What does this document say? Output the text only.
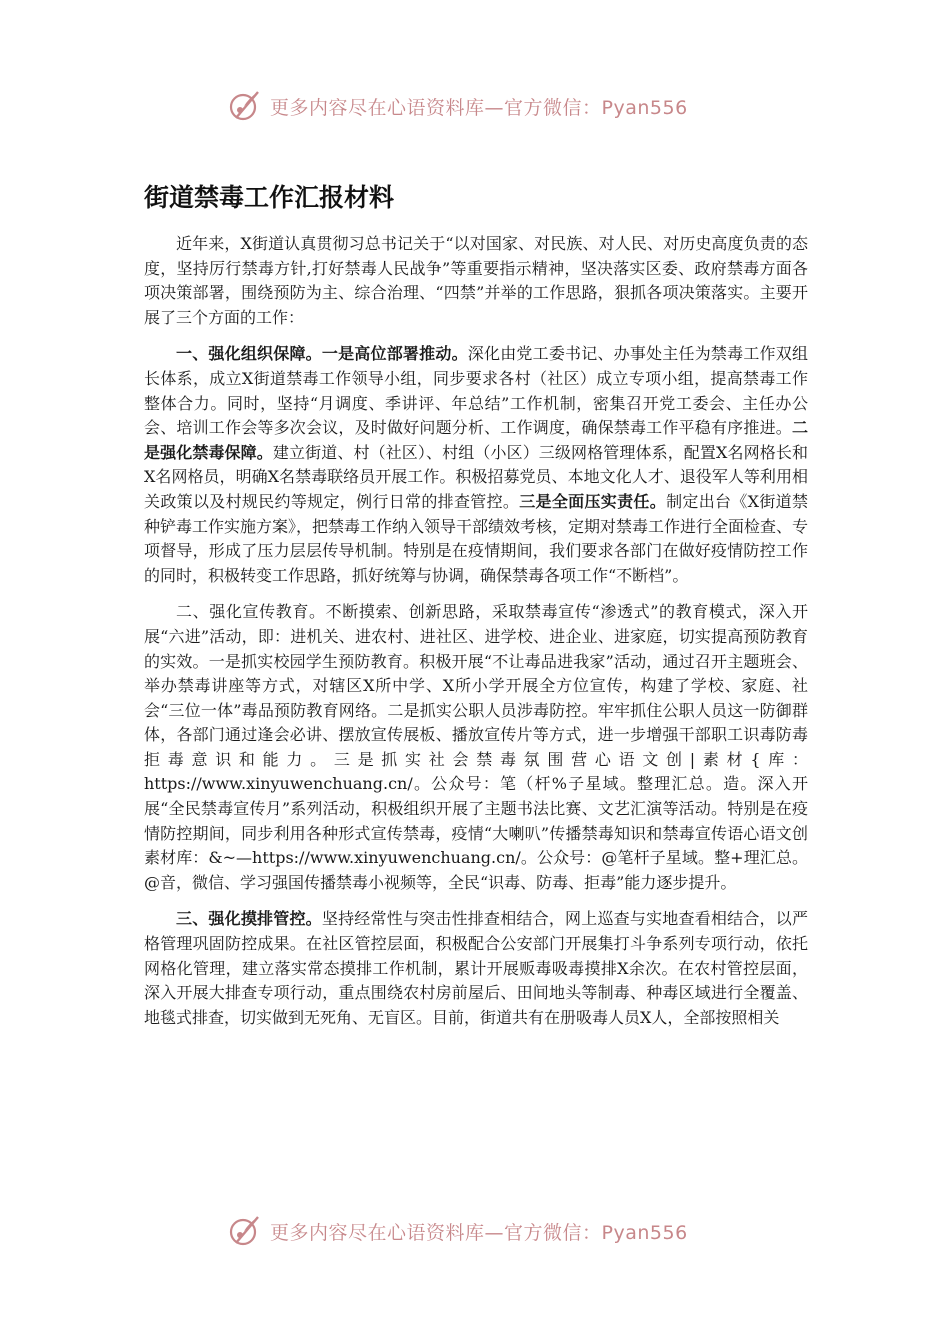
更多内容尽在心语资料库—官方微信：Pyan556
街道禁毒工作汇报材料

近年来，X街道认真贯彻习总书记关于“以对国家、对民族、对人民、对历史高度负责的态度，坚持厉行禁毒方针,打好禁毒人民战争”等重要指示精神，坚决落实区委、政府禁毒方面各项决策部署，围绕预防为主、综合治理、“四禁”并举的工作思路，狠抓各项决策落实。主要开展了三个方面的工作：

一、强化组织保障。一是高位部署推动。深化由党工委书记、办事处主任为禁毒工作双组长体系，成立X街道禁毒工作领导小组，同步要求各村（社区）成立专项小组，提高禁毒工作整体合力。同时，坚持“月调度、季讲评、年总结”工作机制，密集召开党工委会、主任办公会、培训工作会等多次会议，及时做好问题分析、工作调度，确保禁毒工作平稳有序推进。二是强化禁毒保障。建立街道、村（社区）、村组（小区）三级网格管理体系，配置X名网格长和X名网格员，明确X名禁毒联络员开展工作。积极招募党员、本地文化人才、退役军人等利用相关政策以及村规民约等规定，例行日常的排查管控。三是全面压实责任。制定出台《X街道禁种铲毒工作实施方案》，把禁毒工作纳入领导干部绩效考核，定期对禁毒工作进行全面检查、专项督导，形成了压力层层传导机制。特别是在疫情期间，我们要求各部门在做好疫情防控工作的同时，积极转变工作思路，抓好统筹与协调，确保禁毒各项工作“不断档”。

二、强化宣传教育。不断摸索、创新思路，采取禁毒宣传“渗透式”的教育模式，深入开展“六进”活动，即：进机关、进农村、进社区、进学校、进企业、进家庭，切实提高预防教育的实效。一是抓实校园学生预防教育。积极开展“不让毒品进我家”活动，通过召开主题班会、举办禁毒讲座等方式，对辖区X所中学、X所小学开展全方位宣传，构建了学校、家庭、社会“三位一体”毒品预防教育网络。二是抓实公职人员涉毒防控。牢牢抓住公职人员这一防御群体，各部门通过逢会必讲、摆放宣传展板、播放宣传片等方式，进一步增强干部职工识毒防毒拒毒意识和能力。三是抓实社会禁毒氛围营心语文创|素材{库：https://www.xinyuwenchuang.cn/。公众号：笔（杆%子星域。整理汇总。造。深入开展“全民禁毒宣传月”系列活动，积极组织开展了主题书法比赛、文艺汇演等活动。特别是在疫情防控期间，同步利用各种形式宣传禁毒，疫情“大喇叭”传播禁毒知识和禁毒宣传语心语文创素材库：&~—https://www.xinyuwenchuang.cn/。公众号：@笔杆子星域。整+理汇总。@音，微信、学习强国传播禁毒小视频等，全民“识毒、防毒、拒毒”能力逐步提升。

三、强化摸排管控。坚持经常性与突击性排查相结合，网上巡查与实地查看相结合，以严格管理巩固防控成果。在社区管控层面，积极配合公安部门开展集打斗争系列专项行动，依托网格化管理，建立落实常态摸排工作机制，累计开展贩毒吸毒摸排X余次。在农村管控层面，深入开展大排查专项行动，重点围绕农村房前屋后、田间地头等制毒、种毒区域进行全覆盖、地毯式排查，切实做到无死角、无盲区。目前，街道共有在册吸毒人员X人，全部按照相关

更多内容尽在心语资料库—官方微信：Pyan556
